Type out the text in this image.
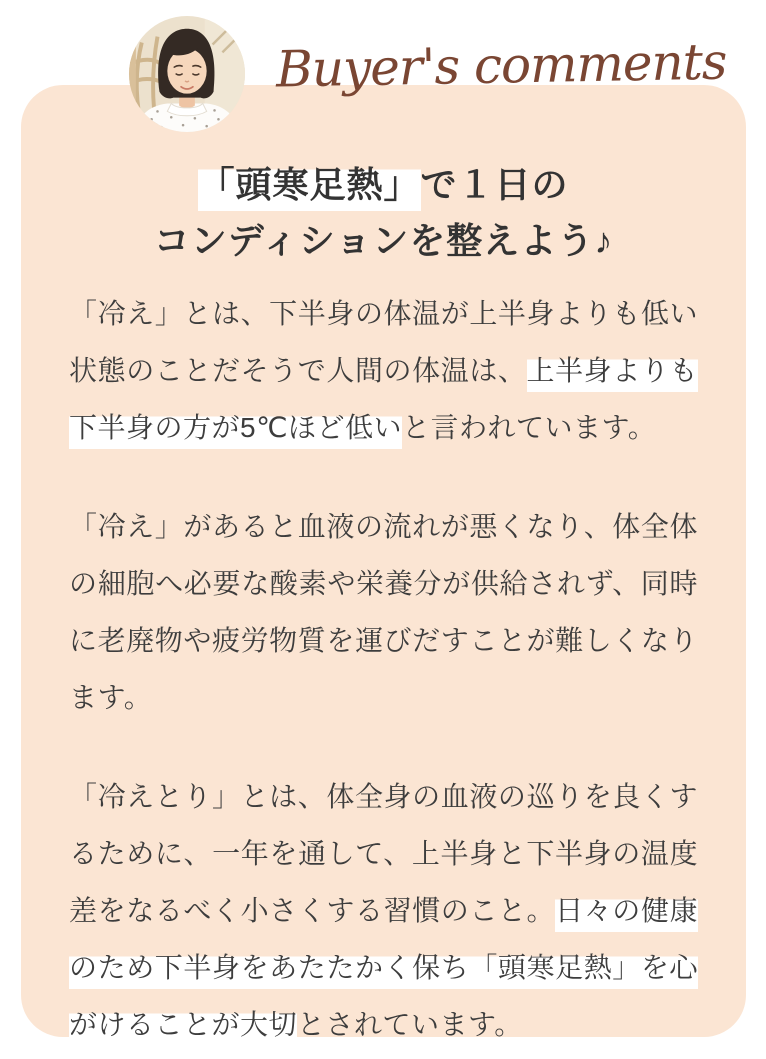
Buyer's comments
「頭寒足熱」で１日の
コンディションを整えよう♪

「冷え」とは、下半身の体温が上半身よりも低い状態のことだそうで人間の体温は、上半身よりも下半身の方が5℃ほど低いと言われています。

「冷え」があると血液の流れが悪くなり、体全体の細胞へ必要な酸素や栄養分が供給されず、同時に老廃物や疲労物質を運びだすことが難しくなります。

「冷えとり」とは、体全身の血液の巡りを良くするために、一年を通して、上半身と下半身の温度差をなるべく小さくする習慣のこと。日々の健康のため下半身をあたたかく保ち「頭寒足熱」を心がけることが大切とされています。
